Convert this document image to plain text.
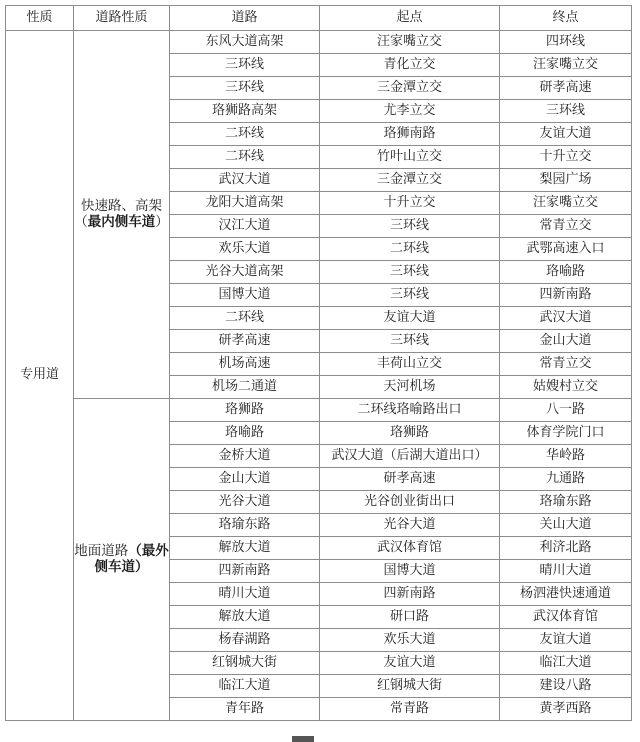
性质	道路性质	道路	起点	终点
专用道	快速路、高架（最内侧车道）	东风大道高架	汪家嘴立交	四环线
		三环线	青化立交	汪家嘴立交
		三环线	三金潭立交	研孝高速
		珞狮路高架	尤李立交	三环线
		二环线	珞狮南路	友谊大道
		二环线	竹叶山立交	十升立交
		武汉大道	三金潭立交	梨园广场
		龙阳大道高架	十升立交	汪家嘴立交
		汉江大道	三环线	常青立交
		欢乐大道	二环线	武鄂高速入口
		光谷大道高架	三环线	珞喻路
		国博大道	三环线	四新南路
		二环线	友谊大道	武汉大道
		研孝高速	三环线	金山大道
		机场高速	丰荷山立交	常青立交
		机场二通道	天河机场	姑嫂村立交
	地面道路（最外侧车道）	珞狮路	二环线珞喻路出口	八一路
		珞喻路	珞狮路	体育学院门口
		金桥大道	武汉大道（后湖大道出口）	华岭路
		金山大道	研孝高速	九通路
		光谷大道	光谷创业街出口	珞瑜东路
		珞瑜东路	光谷大道	关山大道
		解放大道	武汉体育馆	利济北路
		四新南路	国博大道	晴川大道
		晴川大道	四新南路	杨泗港快速通道
		解放大道	研口路	武汉体育馆
		杨春湖路	欢乐大道	友谊大道
		红钢城大街	友谊大道	临江大道
		临江大道	红钢城大街	建设八路
		青年路	常青路	黄孝西路
